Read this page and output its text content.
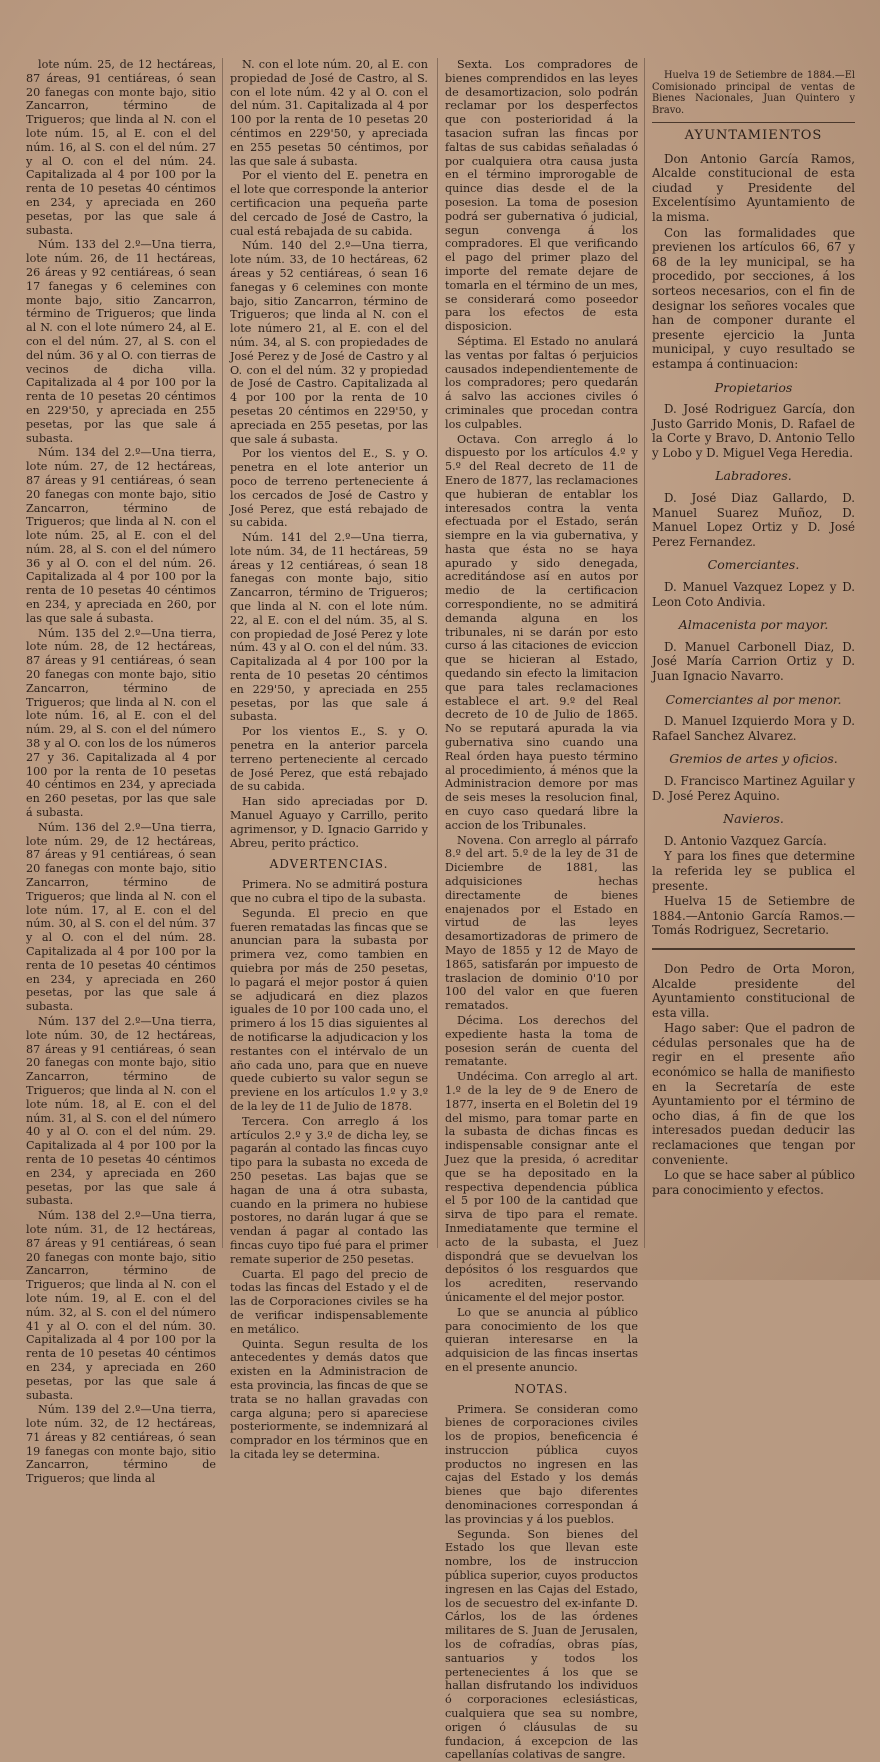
lote núm. 25, de 12 hectáreas, 87 áreas, 91 centiáreas, ó sean 20 fanegas con monte bajo, sitio Zancarron, término de Trigueros; que linda al N. con el lote núm. 15, al E. con el del núm. 16, al S. con el del núm. 27 y al O. con el del núm. 24. Capitalizada al 4 por 100 por la renta de 10 pesetas 40 céntimos en 234, y apreciada en 260 pesetas, por las que sale á subasta.

Núm. 133 del 2.º—Una tierra, lote núm. 26, de 11 hectáreas, 26 áreas y 92 centiáreas, ó sean 17 fanegas y 6 celemines con monte bajo, sitio Zancarron, término de Trigueros; que linda al N. con el lote número 24, al E. con el del núm. 27, al S. con el del núm. 36 y al O. con tierras de vecinos de dicha villa. Capitalizada al 4 por 100 por la renta de 10 pesetas 20 céntimos en 229'50, y apreciada en 255 pesetas, por las que sale á subasta.

Núm. 134 del 2.º—Una tierra, lote núm. 27, de 12 hectáreas, 87 áreas y 91 centiáreas, ó sean 20 fanegas con monte bajo, sitio Zancarron, término de Trigueros; que linda al N. con el lote núm. 25, al E. con el del núm. 28, al S. con el del número 36 y al O. con el del núm. 26. Capitalizada al 4 por 100 por la renta de 10 pesetas 40 céntimos en 234, y apreciada en 260, por las que sale á subasta.

Núm. 135 del 2.º—Una tierra, lote núm. 28, de 12 hectáreas, 87 áreas y 91 centiáreas, ó sean 20 fanegas con monte bajo, sitio Zancarron, término de Trigueros; que linda al N. con el lote núm. 16, al E. con el del núm. 29, al S. con el del número 38 y al O. con los de los números 27 y 36. Capitalizada al 4 por 100 por la renta de 10 pesetas 40 céntimos en 234, y apreciada en 260 pesetas, por las que sale á subasta.

Núm. 136 del 2.º—Una tierra, lote núm. 29, de 12 hectáreas, 87 áreas y 91 centiáreas, ó sean 20 fanegas con monte bajo, sitio Zancarron, término de Trigueros; que linda al N. con el lote núm. 17, al E. con el del núm. 30, al S. con el del núm. 37 y al O. con el del núm. 28. Capitalizada al 4 por 100 por la renta de 10 pesetas 40 céntimos en 234, y apreciada en 260 pesetas, por las que sale á subasta.

Núm. 137 del 2.º—Una tierra, lote núm. 30, de 12 hectáreas, 87 áreas y 91 centiáreas, ó sean 20 fanegas con monte bajo, sitio Zancarron, término de Trigueros; que linda al N. con el lote núm. 18, al E. con el del núm. 31, al S. con el del número 40 y al O. con el del núm. 29. Capitalizada al 4 por 100 por la renta de 10 pesetas 40 céntimos en 234, y apreciada en 260 pesetas, por las que sale á subasta.

Núm. 138 del 2.º—Una tierra, lote núm. 31, de 12 hectáreas, 87 áreas y 91 centiáreas, ó sean 20 fanegas con monte bajo, sitio Zancarron, término de Trigueros; que linda al N. con el lote núm. 19, al E. con el del núm. 32, al S. con el del número 41 y al O. con el del núm. 30. Capitalizada al 4 por 100 por la renta de 10 pesetas 40 céntimos en 234, y apreciada en 260 pesetas, por las que sale á subasta.

Núm. 139 del 2.º—Una tierra, lote núm. 32, de 12 hectáreas, 71 áreas y 82 centiáreas, ó sean 19 fanegas con monte bajo, sitio Zancarron, término de Trigueros; que linda al

N. con el lote núm. 20, al E. con propiedad de José de Castro, al S. con el lote núm. 42 y al O. con el del núm. 31. Capitalizada al 4 por 100 por la renta de 10 pesetas 20 céntimos en 229'50, y apreciada en 255 pesetas 50 céntimos, por las que sale á subasta.

Por el viento del E. penetra en el lote que corresponde la anterior certificacion una pequeña parte del cercado de José de Castro, la cual está rebajada de su cabida.

Núm. 140 del 2.º—Una tierra, lote núm. 33, de 10 hectáreas, 62 áreas y 52 centiáreas, ó sean 16 fanegas y 6 celemines con monte bajo, sitio Zancarron, término de Trigueros; que linda al N. con el lote número 21, al E. con el del núm. 34, al S. con propiedades de José Perez y de José de Castro y al O. con el del núm. 32 y propiedad de José de Castro. Capitalizada al 4 por 100 por la renta de 10 pesetas 20 céntimos en 229'50, y apreciada en 255 pesetas, por las que sale á subasta.

Por los vientos del E., S. y O. penetra en el lote anterior un poco de terreno perteneciente á los cercados de José de Castro y José Perez, que está rebajado de su cabida.

Núm. 141 del 2.º—Una tierra, lote núm. 34, de 11 hectáreas, 59 áreas y 12 centiáreas, ó sean 18 fanegas con monte bajo, sitio Zancarron, término de Trigueros; que linda al N. con el lote núm. 22, al E. con el del núm. 35, al S. con propiedad de José Perez y lote núm. 43 y al O. con el del núm. 33. Capitalizada al 4 por 100 por la renta de 10 pesetas 20 céntimos en 229'50, y apreciada en 255 pesetas, por las que sale á subasta.

Por los vientos E., S. y O. penetra en la anterior parcela terreno perteneciente al cercado de José Perez, que está rebajado de su cabida.

Han sido apreciadas por D. Manuel Aguayo y Carrillo, perito agrimensor, y D. Ignacio Garrido y Abreu, perito práctico.

ADVERTENCIAS.

Primera. No se admitirá postura que no cubra el tipo de la subasta.

Segunda. El precio en que fueren rematadas las fincas que se anuncian para la subasta por primera vez, como tambien en quiebra por más de 250 pesetas, lo pagará el mejor postor á quien se adjudicará en diez plazos iguales de 10 por 100 cada uno, el primero á los 15 dias siguientes al de notificarse la adjudicacion y los restantes con el intérvalo de un año cada uno, para que en nueve quede cubierto su valor segun se previene en los artículos 1.º y 3.º de la ley de 11 de Julio de 1878.

Tercera. Con arreglo á los artículos 2.º y 3.º de dicha ley, se pagarán al contado las fincas cuyo tipo para la subasta no exceda de 250 pesetas. Las bajas que se hagan de una á otra subasta, cuando en la primera no hubiese postores, no darán lugar á que se vendan á pagar al contado las fincas cuyo tipo fué para el primer remate superior de 250 pesetas.

Cuarta. El pago del precio de todas las fincas del Estado y el de las de Corporaciones civiles se ha de verificar indispensablemente en metálico.

Quinta. Segun resulta de los antecedentes y demás datos que existen en la Administracion de esta provincia, las fincas de que se trata se no hallan gravadas con carga alguna; pero si apareciese posteriormente, se indemnizará al comprador en los términos que en la citada ley se determina.

Sexta. Los compradores de bienes comprendidos en las leyes de desamortizacion, solo podrán reclamar por los desperfectos que con posterioridad á la tasacion sufran las fincas por faltas de sus cabidas señaladas ó por cualquiera otra causa justa en el término improrogable de quince dias desde el de la posesion. La toma de posesion podrá ser gubernativa ó judicial, segun convenga á los compradores. El que verificando el pago del primer plazo del importe del remate dejare de tomarla en el término de un mes, se considerará como poseedor para los efectos de esta disposicion.

Séptima. El Estado no anulará las ventas por faltas ó perjuicios causados independientemente de los compradores; pero quedarán á salvo las acciones civiles ó criminales que procedan contra los culpables.

Octava. Con arreglo á lo dispuesto por los artículos 4.º y 5.º del Real decreto de 11 de Enero de 1877, las reclamaciones que hubieran de entablar los interesados contra la venta efectuada por el Estado, serán siempre en la via gubernativa, y hasta que ésta no se haya apurado y sido denegada, acreditándose así en autos por medio de la certificacion correspondiente, no se admitirá demanda alguna en los tribunales, ni se darán por esto curso á las citaciones de eviccion que se hicieran al Estado, quedando sin efecto la limitacion que para tales reclamaciones establece el art. 9.º del Real decreto de 10 de Julio de 1865. No se reputará apurada la via gubernativa sino cuando una Real órden haya puesto término al procedimiento, á ménos que la Administracion demore por mas de seis meses la resolucion final, en cuyo caso quedará libre la accion de los Tribunales.

Novena. Con arreglo al párrafo 8.º del art. 5.º de la ley de 31 de Diciembre de 1881, las adquisiciones hechas directamente de bienes enajenados por el Estado en virtud de las leyes desamortizadoras de primero de Mayo de 1855 y 12 de Mayo de 1865, satisfarán por impuesto de traslacion de dominio 0'10 por 100 del valor en que fueren rematados.

Décima. Los derechos del expediente hasta la toma de posesion serán de cuenta del rematante.

Undécima. Con arreglo al art. 1.º de la ley de 9 de Enero de 1877, inserta en el Boletin del 19 del mismo, para tomar parte en la subasta de dichas fincas es indispensable consignar ante el Juez que la presida, ó acreditar que se ha depositado en la respectiva dependencia pública el 5 por 100 de la cantidad que sirva de tipo para el remate. Inmediatamente que termine el acto de la subasta, el Juez dispondrá que se devuelvan los depósitos ó los resguardos que los acrediten, reservando únicamente el del mejor postor.

Lo que se anuncia al público para conocimiento de los que quieran interesarse en la adquisicion de las fincas insertas en el presente anuncio.

NOTAS.

Primera. Se consideran como bienes de corporaciones civiles los de propios, beneficencia é instruccion pública cuyos productos no ingresen en las cajas del Estado y los demás bienes que bajo diferentes denominaciones correspondan á las provincias y á los pueblos.

Segunda. Son bienes del Estado los que llevan este nombre, los de instruccion pública superior, cuyos productos ingresen en las Cajas del Estado, los de secuestro del ex-infante D. Cárlos, los de las órdenes militares de S. Juan de Jerusalen, los de cofradías, obras pías, santuarios y todos los pertenecientes á los que se hallan disfrutando los individuos ó corporaciones eclesiásticas, cualquiera que sea su nombre, origen ó cláusulas de su fundacion, á excepcion de las capellanías colativas de sangre.

Huelva 19 de Setiembre de 1884.—El Comisionado principal de ventas de Bienes Nacionales, Juan Quintero y Bravo.

AYUNTAMIENTOS

Don Antonio García Ramos, Alcalde constitucional de esta ciudad y Presidente del Excelentísimo Ayuntamiento de la misma.

Con las formalidades que previenen los artículos 66, 67 y 68 de la ley municipal, se ha procedido, por secciones, á los sorteos necesarios, con el fin de designar los señores vocales que han de componer durante el presente ejercicio la Junta municipal, y cuyo resultado se estampa á continuacion:

Propietarios

D. José Rodriguez García, don Justo Garrido Monis, D. Rafael de la Corte y Bravo, D. Antonio Tello y Lobo y D. Miguel Vega Heredia.

Labradores.

D. José Diaz Gallardo, D. Manuel Suarez Muñoz, D. Manuel Lopez Ortiz y D. José Perez Fernandez.

Comerciantes.

D. Manuel Vazquez Lopez y D. Leon Coto Andivia.

Almacenista por mayor.

D. Manuel Carbonell Diaz, D. José María Carrion Ortiz y D. Juan Ignacio Navarro.

Comerciantes al por menor.

D. Manuel Izquierdo Mora y D. Rafael Sanchez Alvarez.

Gremios de artes y oficios.

D. Francisco Martinez Aguilar y D. José Perez Aquino.

Navieros.

D. Antonio Vazquez García.

Y para los fines que determine la referida ley se publica el presente.

Huelva 15 de Setiembre de 1884.—Antonio García Ramos.—Tomás Rodriguez, Secretario.

Don Pedro de Orta Moron, Alcalde presidente del Ayuntamiento constitucional de esta villa.

Hago saber: Que el padron de cédulas personales que ha de regir en el presente año económico se halla de manifiesto en la Secretaría de este Ayuntamiento por el término de ocho dias, á fin de que los interesados puedan deducir las reclamaciones que tengan por conveniente.

Lo que se hace saber al público para conocimiento y efectos.
